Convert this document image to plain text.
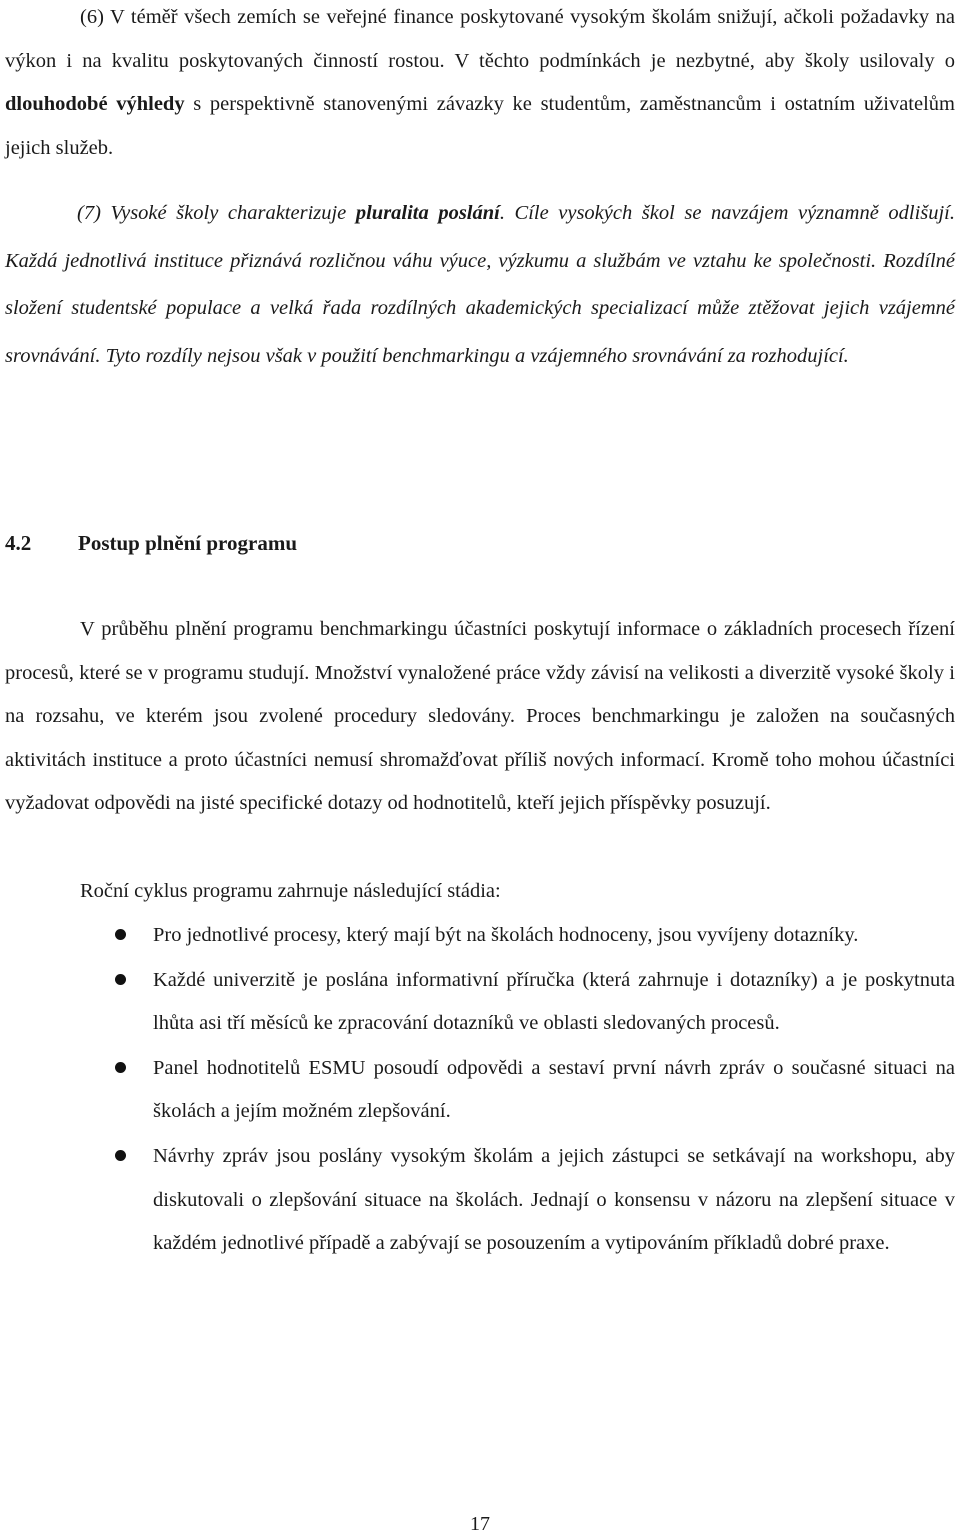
(6) V téměř všech zemích se veřejné finance poskytované vysokým školám snižují, ačkoli požadavky na výkon i na kvalitu poskytovaných činností rostou. V těchto podmínkách je nezbytné, aby školy usilovaly o dlouhodobé výhledy s perspektivně stanovenými závazky ke studentům, zaměstnancům i ostatním uživatelům jejich služeb.

(7) Vysoké školy charakterizuje pluralita poslání. Cíle vysokých škol se navzájem významně odlišují. Každá jednotlivá instituce přiznává rozličnou váhu výuce, výzkumu a službám ve vztahu ke společnosti. Rozdílné složení studentské populace a velká řada rozdílných akademických specializací může ztěžovat jejich vzájemné srovnávání. Tyto rozdíly nejsou však v použití benchmarkingu a vzájemného srovnávání za rozhodující.

4.2 Postup plnění programu

V průběhu plnění programu benchmarkingu účastníci poskytují informace o základních procesech řízení procesů, které se v programu studují. Množství vynaložené práce vždy závisí na velikosti a diverzitě vysoké školy i na rozsahu, ve kterém jsou zvolené procedury sledovány. Proces benchmarkingu je založen na současných aktivitách instituce a proto účastníci nemusí shromažďovat příliš nových informací. Kromě toho mohou účastníci vyžadovat odpovědi na jisté specifické dotazy od hodnotitelů, kteří jejich příspěvky posuzují.

Roční cyklus programu zahrnuje následující stádia:

Pro jednotlivé procesy, který mají být na školách hodnoceny, jsou vyvíjeny dotazníky.
Každé univerzitě je poslána informativní příručka (která zahrnuje i dotazníky) a je poskytnuta lhůta asi tří měsíců ke zpracování dotazníků ve oblasti sledovaných procesů.
Panel hodnotitelů ESMU posoudí odpovědi a sestaví první návrh zpráv o současné situaci na školách a jejím možném zlepšování.
Návrhy zpráv jsou poslány vysokým školám a jejich zástupci se setkávají na workshopu, aby diskutovali o zlepšování situace na školách. Jednají o konsensu v názoru na zlepšení situace v každém jednotlivé případě a zabývají se posouzením a vytipováním příkladů dobré praxe.

17
